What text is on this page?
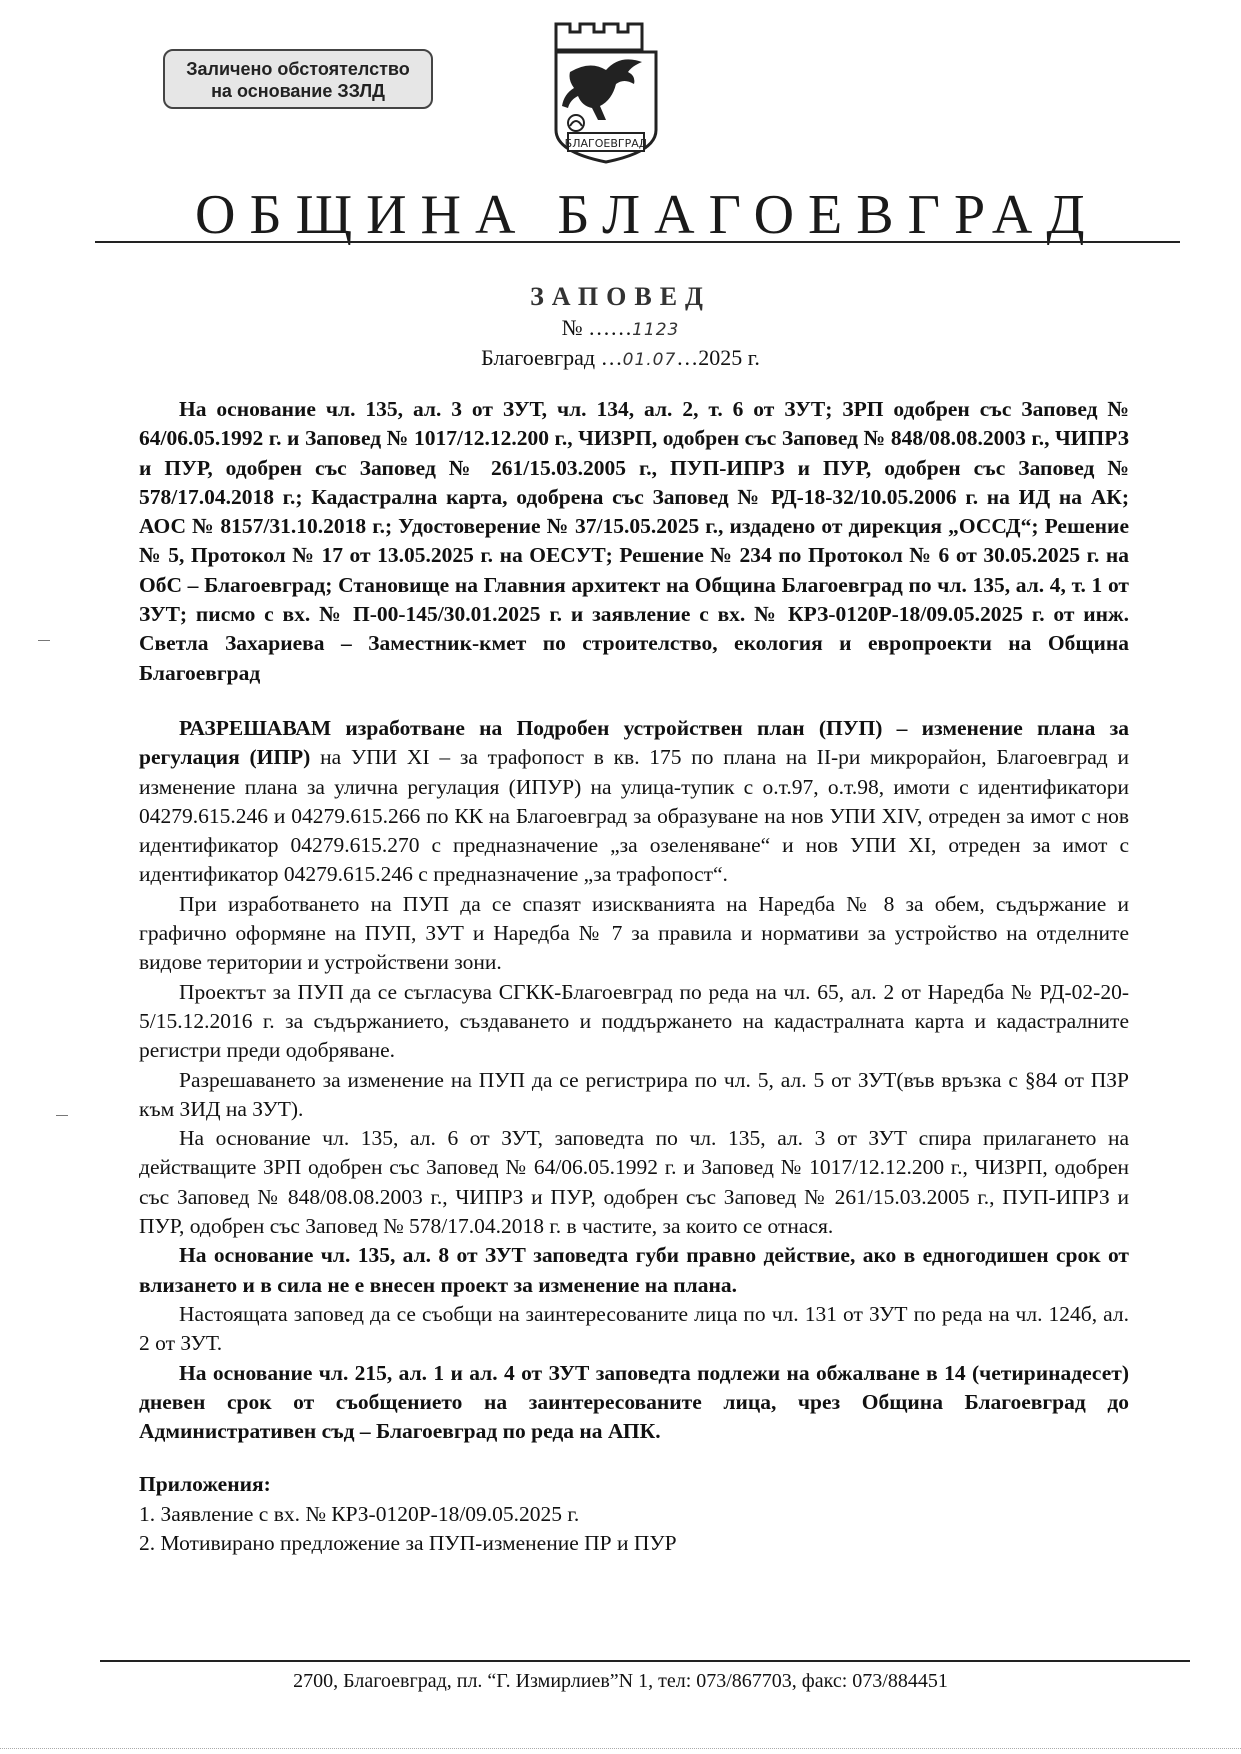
Заличено обстоятелство
на основание ЗЗЛД
БЛАГОЕВГРАД
ОБЩИНА БЛАГОЕВГРАД
ЗАПОВЕД
№ ……1123
Благоевград …01.07…2025 г.

На основание чл. 135, ал. 3 от ЗУТ, чл. 134, ал. 2, т. 6 от ЗУТ; ЗРП одобрен със Заповед № 64/06.05.1992 г. и Заповед № 1017/12.12.200 г., ЧИЗРП, одобрен със Заповед № 848/08.08.2003 г., ЧИПРЗ и ПУР, одобрен със Заповед № 261/15.03.2005 г., ПУП-ИПРЗ и ПУР, одобрен със Заповед № 578/17.04.2018 г.; Кадастрална карта, одобрена със Заповед № РД-18-32/10.05.2006 г. на ИД на АК; АОС № 8157/31.10.2018 г.; Удостоверение № 37/15.05.2025 г., издадено от дирекция „ОССД“; Решение № 5, Протокол № 17 от 13.05.2025 г. на ОЕСУТ; Решение № 234 по Протокол № 6 от 30.05.2025 г. на ОбС – Благоевград; Становище на Главния архитект на Община Благоевград по чл. 135, ал. 4, т. 1 от ЗУТ; писмо с вх. № П-00-145/30.01.2025 г. и заявление с вх. № КРЗ-0120Р-18/09.05.2025 г. от инж. Светла Захариева – Заместник-кмет по строителство, екология и европроекти на Община Благоевград

РАЗРЕШАВАМ изработване на Подробен устройствен план (ПУП) – изменение плана за регулация (ИПР) на УПИ XI – за трафопост в кв. 175 по плана на II-ри микрорайон, Благоевград и изменение плана за улична регулация (ИПУР) на улица-тупик с о.т.97, о.т.98, имоти с идентификатори 04279.615.246 и 04279.615.266 по КК на Благоевград за образуване на нов УПИ XIV, отреден за имот с нов идентификатор 04279.615.270 с предназначение „за озеленяване“ и нов УПИ XI, отреден за имот с идентификатор 04279.615.246 с предназначение „за трафопост“.

При изработването на ПУП да се спазят изискванията на Наредба № 8 за обем, съдържание и графично оформяне на ПУП, ЗУТ и Наредба № 7 за правила и нормативи за устройство на отделните видове територии и устройствени зони.

Проектът за ПУП да се съгласува СГКК-Благоевград по реда на чл. 65, ал. 2 от Наредба № РД-02-20-5/15.12.2016 г. за съдържанието, създаването и поддържането на кадастралната карта и кадастралните регистри преди одобряване.

Разрешаването за изменение на ПУП да се регистрира по чл. 5, ал. 5 от ЗУТ(във връзка с §84 от ПЗР към ЗИД на ЗУТ).

На основание чл. 135, ал. 6 от ЗУТ, заповедта по чл. 135, ал. 3 от ЗУТ спира прилагането на действащите ЗРП одобрен със Заповед № 64/06.05.1992 г. и Заповед № 1017/12.12.200 г., ЧИЗРП, одобрен със Заповед № 848/08.08.2003 г., ЧИПРЗ и ПУР, одобрен със Заповед № 261/15.03.2005 г., ПУП-ИПРЗ и ПУР, одобрен със Заповед № 578/17.04.2018 г. в частите, за които се отнася.

На основание чл. 135, ал. 8 от ЗУТ заповедта губи правно действие, ако в едногодишен срок от влизането и в сила не е внесен проект за изменение на плана.

Настоящата заповед да се съобщи на заинтересованите лица по чл. 131 от ЗУТ по реда на чл. 124б, ал. 2 от ЗУТ.

На основание чл. 215, ал. 1 и ал. 4 от ЗУТ заповедта подлежи на обжалване в 14 (четиринадесет) дневен срок от съобщението на заинтересованите лица, чрез Община Благоевград до Административен съд – Благоевград по реда на АПК.

Приложения:

1. Заявление с вх. № КРЗ-0120Р-18/09.05.2025 г.

2. Мотивирано предложение за ПУП-изменение ПР и ПУР

2700, Благоевград, пл. “Г. Измирлиев”N 1, тел: 073/867703, факс: 073/884451
